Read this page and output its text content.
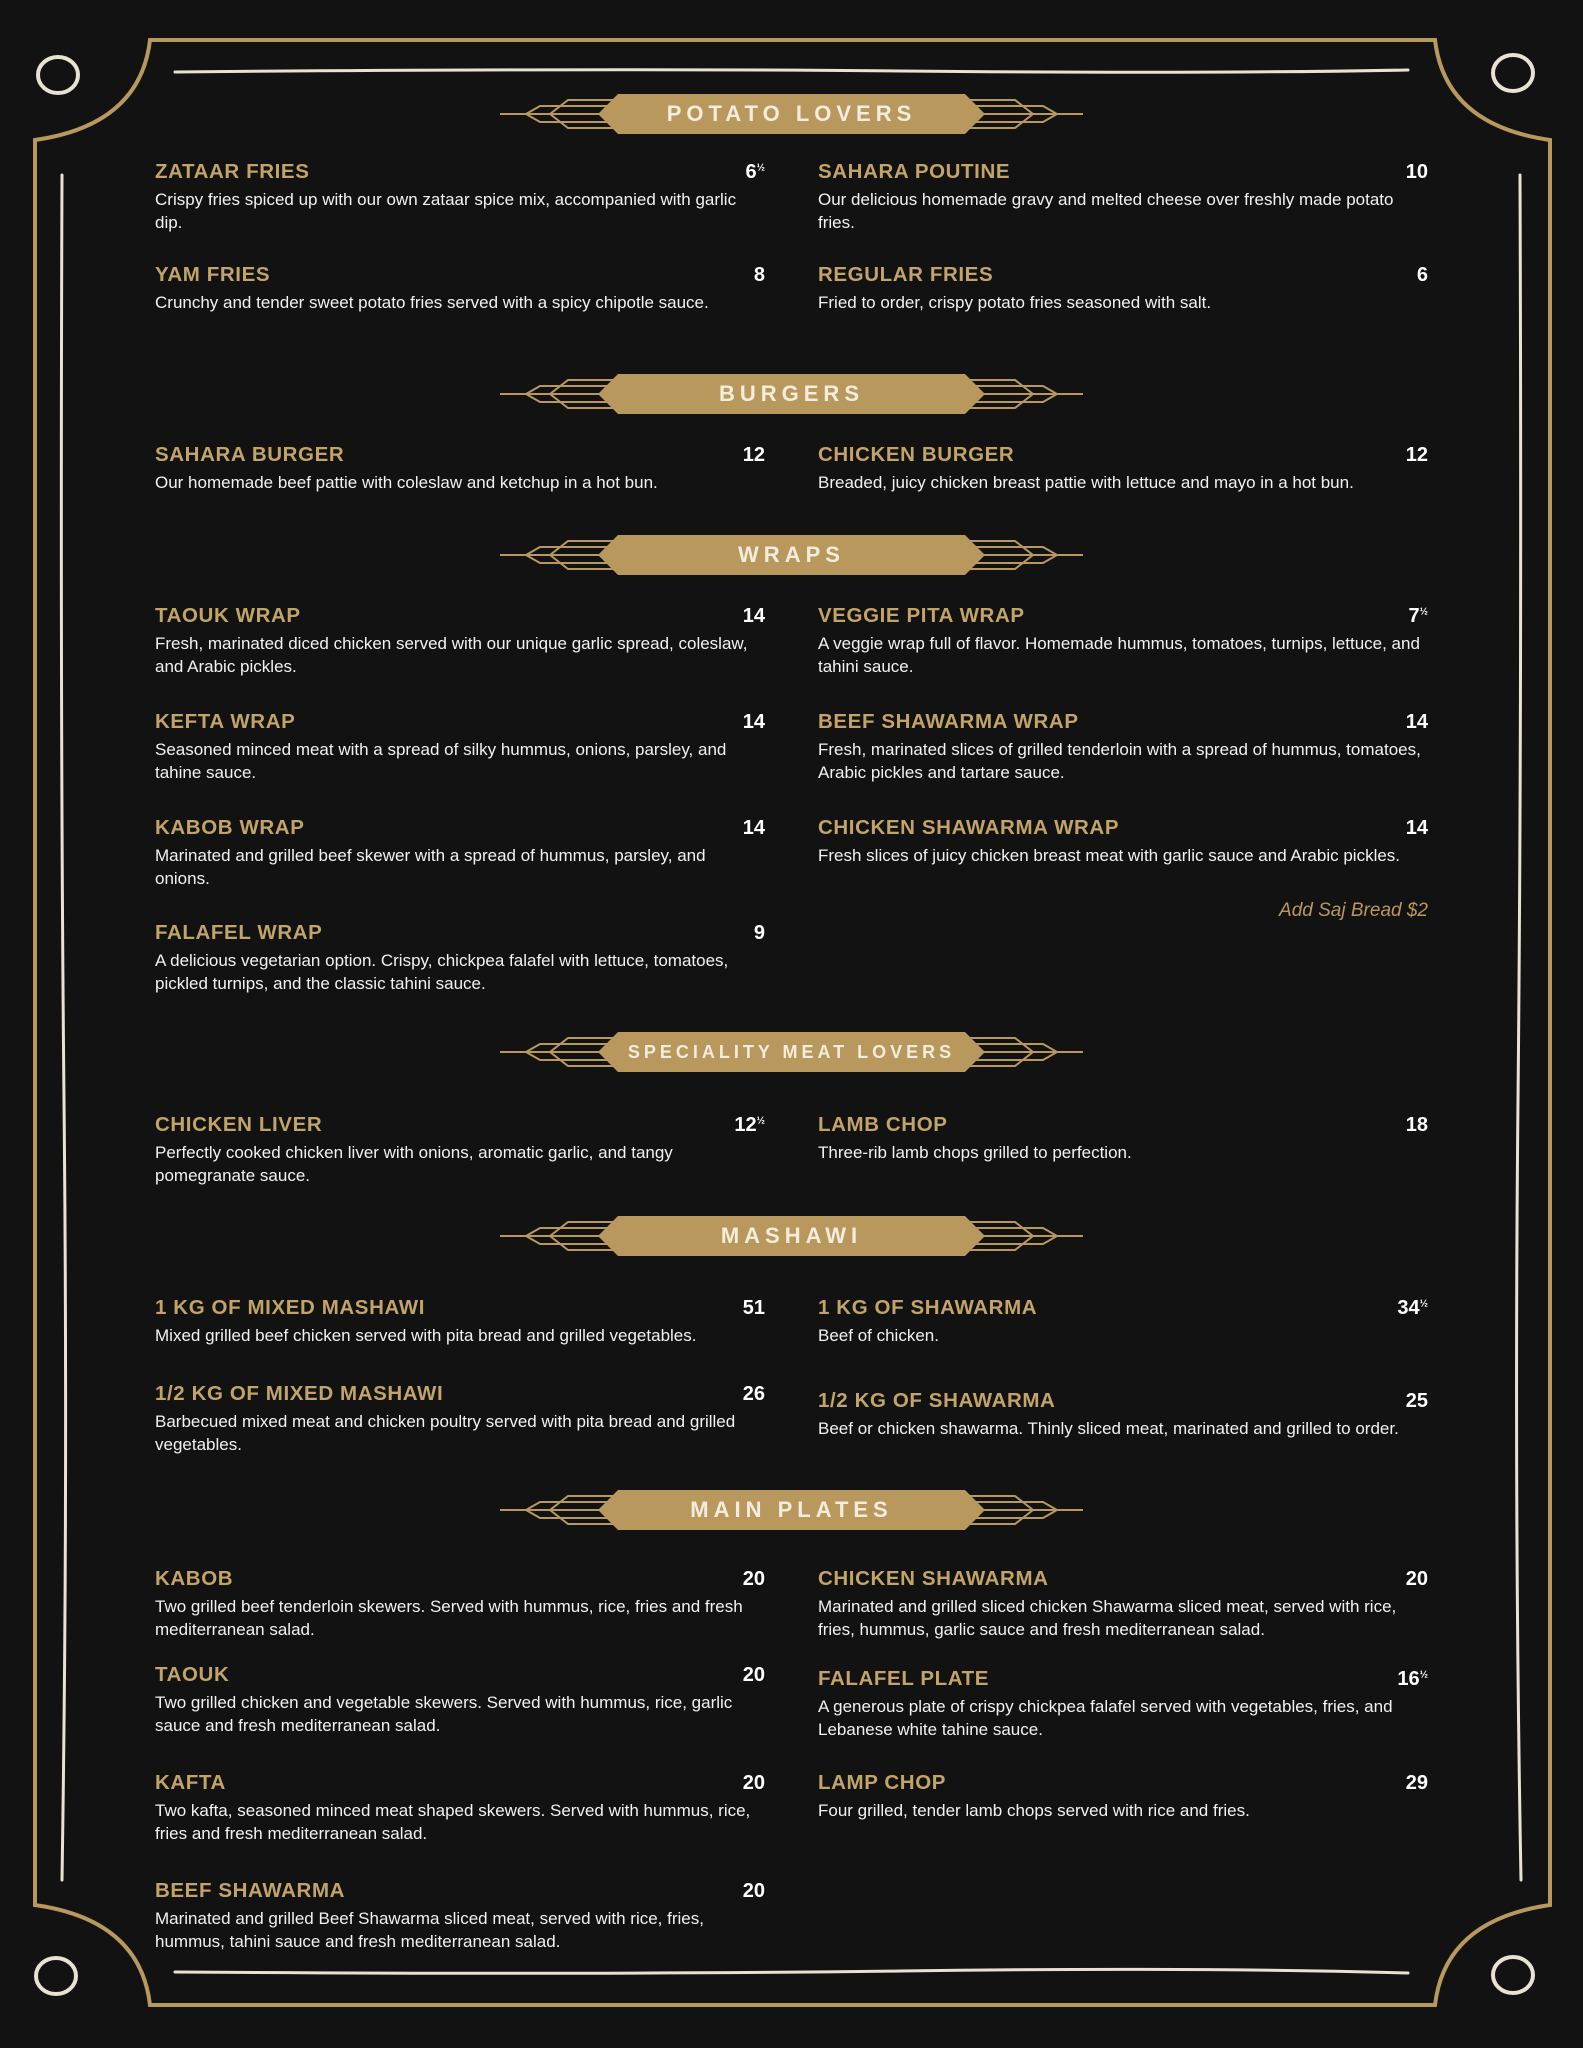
POTATO LOVERS
ZATAAR FRIES	$6^{\frac{1}{2}}$
Crispy fries spiced up with our own zataar spice mix, accompanied with garlic dip.
SAHARA POUTINE	10
Our delicious homemade gravy and melted cheese over freshly made potato fries.
YAM FRIES	8
Crunchy and tender sweet potato fries served with a spicy chipotle sauce.
REGULAR FRIES	6
Fried to order, crispy potato fries seasoned with salt.
BURGERS
SAHARA BURGER	12
Our homemade beef pattie with coleslaw and ketchup in a hot bun.
CHICKEN BURGER	12
Breaded, juicy chicken breast pattie with lettuce and mayo in a hot bun.
WRAPS
TAOUK WRAP	14
Fresh, marinated diced chicken served with our unique garlic spread, coleslaw, and Arabic pickles.
VEGGIE PITA WRAP	$7^{\frac{1}{2}}$
A veggie wrap full of flavor. Homemade hummus, tomatoes, turnips, lettuce, and tahini sauce.
KEFTA WRAP	14
Seasoned minced meat with a spread of silky hummus, onions, parsley, and tahine sauce.
BEEF SHAWARMA WRAP	14
Fresh, marinated slices of grilled tenderloin with a spread of hummus, tomatoes, Arabic pickles and tartare sauce.
KABOB WRAP	14
Marinated and grilled beef skewer with a spread of hummus, parsley, and onions.
CHICKEN SHAWARMA WRAP	14
Fresh slices of juicy chicken breast meat with garlic sauce and Arabic pickles.
FALAFEL WRAP	9
A delicious vegetarian option. Crispy, chickpea falafel with lettuce, tomatoes, pickled turnips, and the classic tahini sauce.
Add Saj Bread $2
SPECIALITY MEAT LOVERS
CHICKEN LIVER	$12^{\frac{1}{2}}$
Perfectly cooked chicken liver with onions, aromatic garlic, and tangy pomegranate sauce.
LAMB CHOP	18
Three-rib lamb chops grilled to perfection.
MASHAWI
1 KG OF MIXED MASHAWI	51
Mixed grilled beef chicken served with pita bread and grilled vegetables.
1 KG OF SHAWARMA	$34^{\frac{1}{2}}$
Beef of chicken.
1/2 KG OF MIXED MASHAWI	26
Barbecued mixed meat and chicken poultry served with pita bread and grilled vegetables.
1/2 KG OF SHAWARMA	25
Beef or chicken shawarma. Thinly sliced meat, marinated and grilled to order.
MAIN PLATES
KABOB	20
Two grilled beef tenderloin skewers. Served with hummus, rice, fries and fresh mediterranean salad.
CHICKEN SHAWARMA	20
Marinated and grilled sliced chicken Shawarma sliced meat, served with rice, fries, hummus, garlic sauce and fresh mediterranean salad.
TAOUK	20
Two grilled chicken and vegetable skewers. Served with hummus, rice, garlic sauce and fresh mediterranean salad.
FALAFEL PLATE	$16^{\frac{1}{2}}$
A generous plate of crispy chickpea falafel served with vegetables, fries, and Lebanese white tahine sauce.
KAFTA	20
Two kafta, seasoned minced meat shaped skewers. Served with hummus, rice, fries and fresh mediterranean salad.
LAMP CHOP	29
Four grilled, tender lamb chops served with rice and fries.
BEEF SHAWARMA	20
Marinated and grilled Beef Shawarma sliced meat, served with rice, fries, hummus, tahini sauce and fresh mediterranean salad.
